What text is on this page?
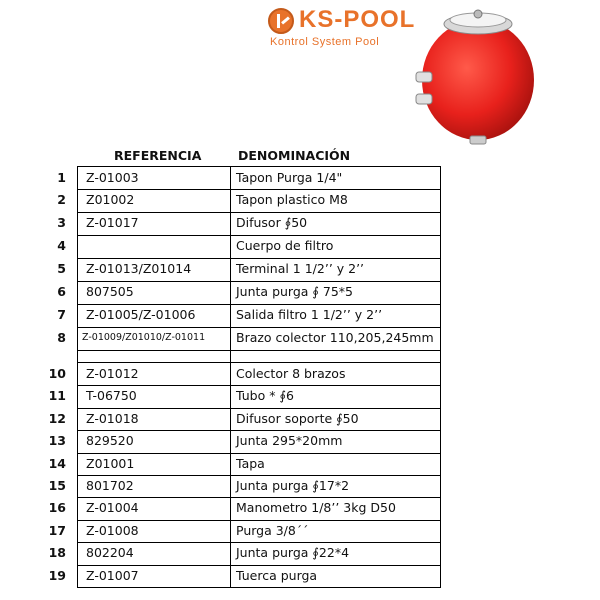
KS-POOL
Kontrol System Pool
REFERENCIA	DENOMINACIÓN
1 Z-01003	Tapon Purga 1/4"
2 Z01002	Tapon plastico M8
3 Z-01017	Difusor ∮50
4	Cuerpo de filtro
5 Z-01013/Z01014	Terminal 1 1/2’’ y 2’’
6 807505	Junta purga ∮ 75*5
7 Z-01005/Z-01006	Salida filtro 1 1/2’’ y 2’’
8 Z-01009/Z01010/Z-01011 Brazo colector 110,205,245mm
10 Z-01012	Colector 8 brazos
11 T-06750	Tubo * ∮6
12 Z-01018	Difusor soporte ∮50
13 829520	Junta 295*20mm
14 Z01001	Tapa
15 801702	Junta purga ∮17*2
16 Z-01004	Manometro 1/8’’ 3kg D50
17 Z-01008	Purga 3/8´´
18 802204	Junta purga ∮22*4
19 Z-01007	Tuerca purga
